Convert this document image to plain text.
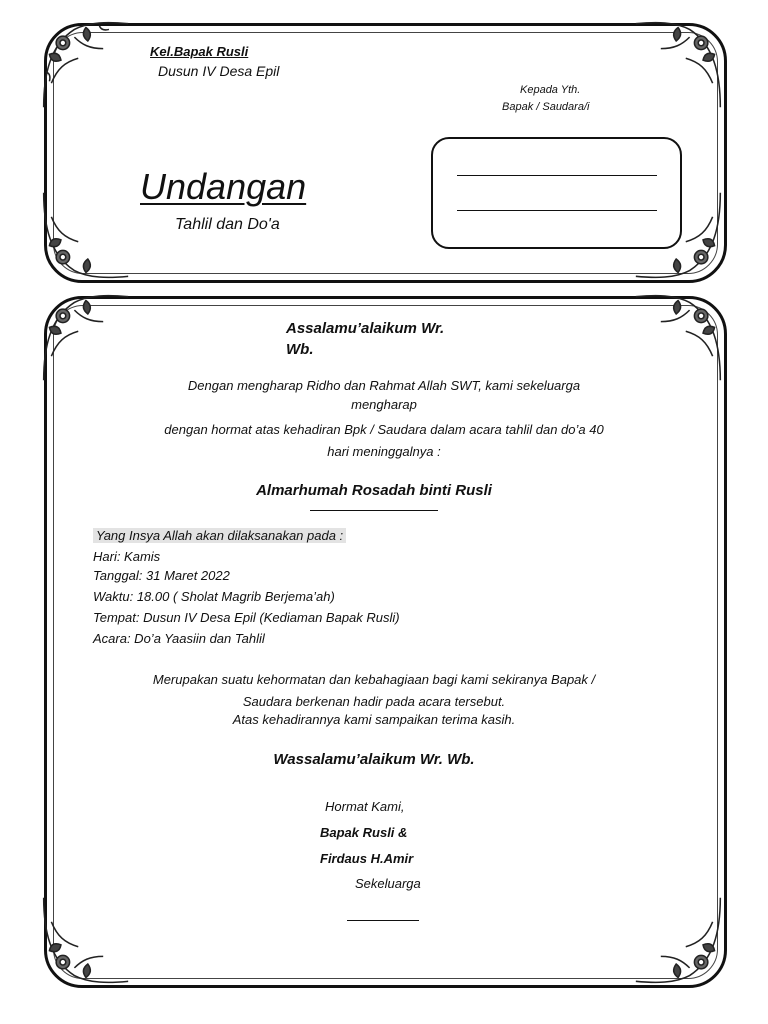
Kel.Bapak Rusli
Dusun IV Desa Epil
Kepada Yth.
Bapak / Saudara/i
Undangan
Tahlil dan Do'a
Assalamu’alaikum Wr.
Wb.
Dengan mengharap Ridho dan Rahmat Allah SWT, kami sekeluarga
mengharap
dengan hormat atas kehadiran Bpk / Saudara dalam acara tahlil dan do’a 40
hari meninggalnya :
Almarhumah Rosadah binti Rusli
Yang Insya Allah akan dilaksanakan pada :
Hari: Kamis
Tanggal: 31 Maret 2022
Waktu: 18.00 ( Sholat Magrib Berjema’ah)
Tempat: Dusun IV Desa Epil (Kediaman Bapak Rusli)
Acara: Do’a Yaasiin dan Tahlil
Merupakan suatu kehormatan dan kebahagiaan bagi kami sekiranya Bapak /
Saudara berkenan hadir pada acara tersebut.
Atas kehadirannya kami sampaikan terima kasih.
Wassalamu’alaikum Wr. Wb.
Hormat Kami,
Bapak Rusli &
Firdaus H.Amir
Sekeluarga
